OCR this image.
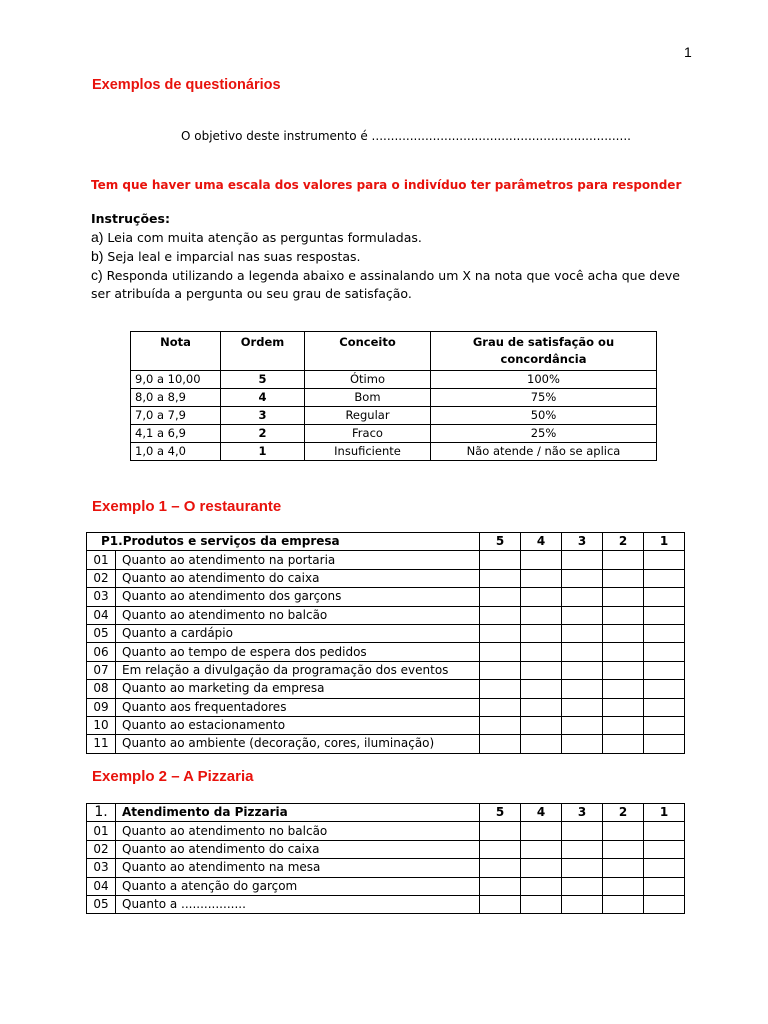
1
Exemplos de questionários
O objetivo deste instrumento é ....................................................................
Tem que haver uma escala dos valores para o indivíduo ter parâmetros para responder
Instruções:
a) Leia com muita atenção as perguntas formuladas.
b) Seja leal e imparcial nas suas respostas.
c) Responda utilizando a legenda abaixo e assinalando um X na nota que você acha que deve ser atribuída a pergunta ou seu grau de satisfação.
Nota	Ordem	Conceito	Grau de satisfação ou concordância
9,0 a 10,00	5	Ótimo	100%
8,0 a 8,9	4	Bom	75%
7,0 a 7,9	3	Regular	50%
4,1 a 6,9	2	Fraco	25%
1,0 a 4,0	1	Insuficiente	Não atende / não se aplica
Exemplo 1 – O restaurante
P1.Produtos e serviços da empresa		5	4	3	2	1
01	Quanto ao atendimento na portaria					
02	Quanto ao atendimento do caixa					
03	Quanto ao atendimento dos garçons					
04	Quanto ao atendimento no balcão					
05	Quanto a cardápio					
06	Quanto ao tempo de espera dos pedidos					
07	Em relação a divulgação da programação dos eventos					
08	Quanto ao marketing da empresa					
09	Quanto aos frequentadores					
10	Quanto ao estacionamento					
11	Quanto ao ambiente (decoração, cores, iluminação)					
Exemplo 2 – A Pizzaria
1.	Atendimento da Pizzaria	5	4	3	2	1
01	Quanto ao atendimento no balcão					
02	Quanto ao atendimento do caixa					
03	Quanto ao atendimento na mesa					
04	Quanto a atenção do garçom					
05	Quanto a .................					
